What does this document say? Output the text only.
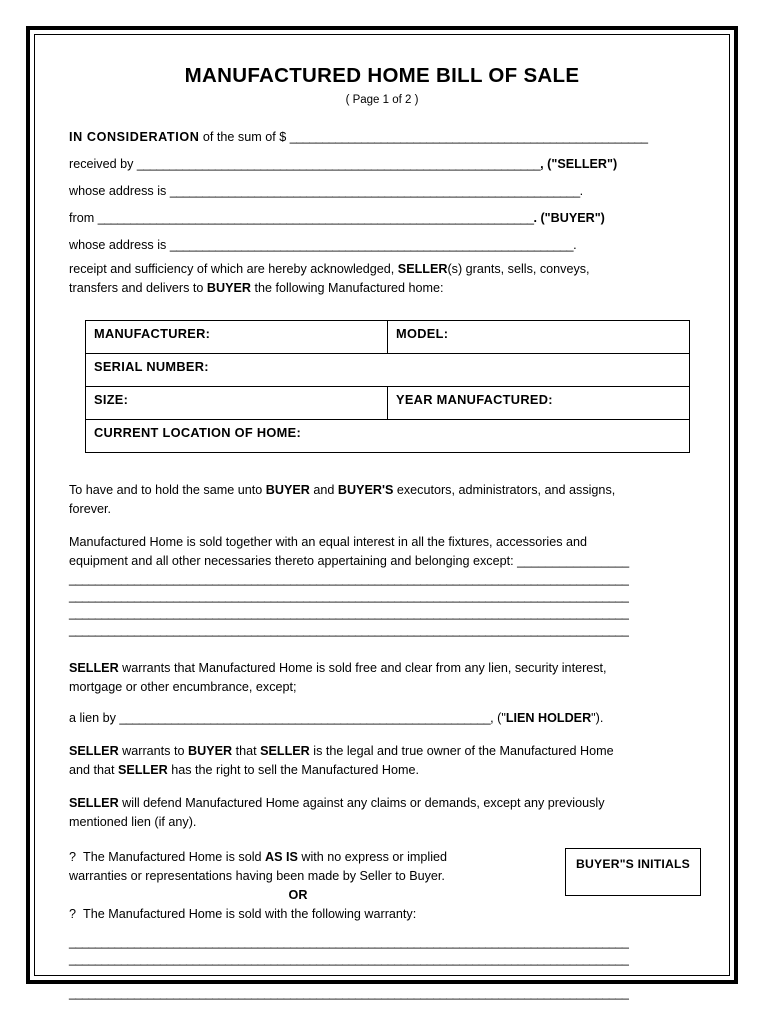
MANUFACTURED HOME BILL OF SALE
( Page 1 of 2 )
IN CONSIDERATION of the sum of $ _______________________________________________________
received by ______________________________________________________________, ("SELLER")
whose address is _______________________________________________________________.
from ___________________________________________________________________. ("BUYER")
whose address is ______________________________________________________________.
receipt and sufficiency of which are hereby acknowledged, SELLER(s) grants, sells, conveys,
transfers and delivers to BUYER the following Manufactured home:
MANUFACTURER:	MODEL:
SERIAL NUMBER:	
SIZE:	YEAR MANUFACTURED:
CURRENT LOCATION OF HOME:	
To have and to hold the same unto BUYER and BUYER'S executors, administrators, and assigns,
forever.
Manufactured Home is sold together with an equal interest in all the fixtures, accessories and
equipment and all other necessaries thereto appertaining and belonging except: ________________
______________________________________________________________________________________
______________________________________________________________________________________
______________________________________________________________________________________
______________________________________________________________________________________
SELLER warrants that Manufactured Home is sold free and clear from any lien, security interest,
mortgage or other encumbrance, except;
a lien by _________________________________________________________, ("LIEN HOLDER").
SELLER warrants to BUYER that SELLER is the legal and true owner of the Manufactured Home
and that SELLER has the right to sell the Manufactured Home.
SELLER will defend Manufactured Home against any claims or demands, except any previously
mentioned lien (if any).
BUYER"S INITIALS
? The Manufactured Home is sold AS IS with no express or implied
warranties or representations having been made by Seller to Buyer.
OR
? The Manufactured Home is sold with the following warranty:
______________________________________________________________________________________
______________________________________________________________________________________
______________________________________________________________________________________
______________________________________________________________________________________
